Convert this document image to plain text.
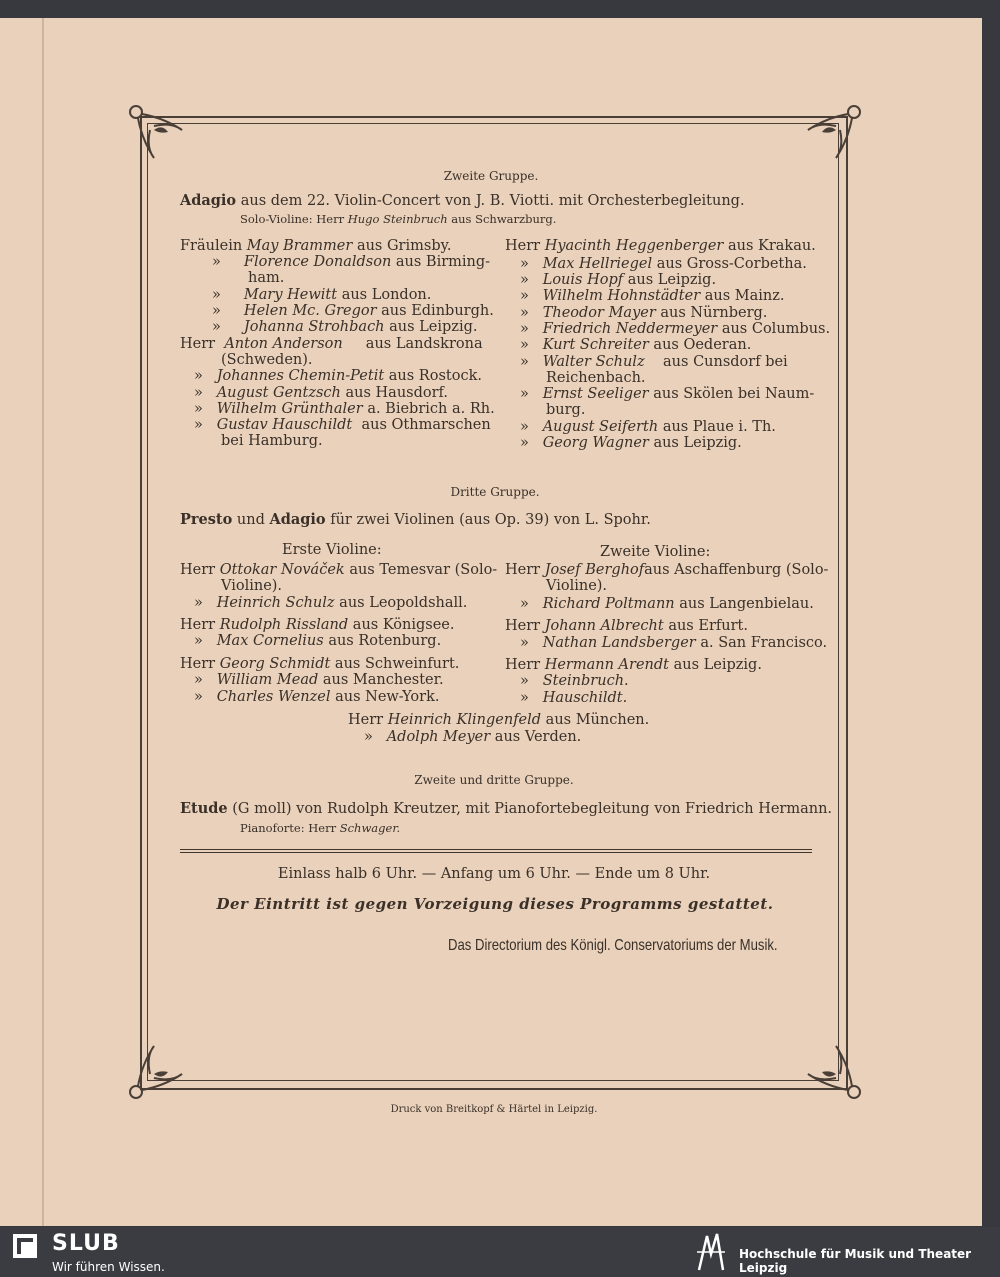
Zweite Gruppe.
Adagio aus dem 22. Violin-Concert von J. B. Viotti. mit Orchesterbegleitung.
Solo-Violine: Herr Hugo Steinbruch aus Schwarzburg.
Fräulein May Brammer aus Grimsby.
» Florence Donaldson aus Birming-
ham.
» Mary Hewitt aus London.
» Helen Mc. Gregor aus Edinburgh.
» Johanna Strohbach aus Leipzig.
Herr Anton Anderson aus Landskrona
(Schweden).
» Johannes Chemin-Petit aus Rostock.
» August Gentzsch aus Hausdorf.
» Wilhelm Grünthaler a. Biebrich a. Rh.
» Gustav Hauschildt aus Othmarschen
bei Hamburg.
Herr Hyacinth Heggenberger aus Krakau.
» Max Hellriegel aus Gross-Corbetha.
» Louis Hopf aus Leipzig.
» Wilhelm Hohnstädter aus Mainz.
» Theodor Mayer aus Nürnberg.
» Friedrich Neddermeyer aus Columbus.
» Kurt Schreiter aus Oederan.
» Walter Schulz aus Cunsdorf bei
Reichenbach.
» Ernst Seeliger aus Skölen bei Naum-
burg.
» August Seiferth aus Plaue i. Th.
» Georg Wagner aus Leipzig.
Dritte Gruppe.
Presto und Adagio für zwei Violinen (aus Op. 39) von L. Spohr.
Erste Violine:	Zweite Violine:
Herr Ottokar Nováček aus Temesvar (Solo-
Violine).
» Heinrich Schulz aus Leopoldshall.
Herr Rudolph Rissland aus Königsee.
» Max Cornelius aus Rotenburg.
Herr Georg Schmidt aus Schweinfurt.
» William Mead aus Manchester.
» Charles Wenzel aus New-York.
Herr Josef Berghofaus Aschaffenburg (Solo-
Violine).
» Richard Poltmann aus Langenbielau.
Herr Johann Albrecht aus Erfurt.
» Nathan Landsberger a. San Francisco.
Herr Hermann Arendt aus Leipzig.
» Steinbruch.
» Hauschildt.
Herr Heinrich Klingenfeld aus München.
» Adolph Meyer aus Verden.
Zweite und dritte Gruppe.
Etude (G moll) von Rudolph Kreutzer, mit Pianofortebegleitung von Friedrich Hermann.
Pianoforte: Herr Schwager.
Einlass halb 6 Uhr. — Anfang um 6 Uhr. — Ende um 8 Uhr.
Der Eintritt ist gegen Vorzeigung dieses Programms gestattet.
Das Directorium des Königl. Conservatoriums der Musik.
Druck von Breitkopf & Härtel in Leipzig.
SLUB
Wir führen Wissen.
Hochschule für Musik und Theater Leipzig
